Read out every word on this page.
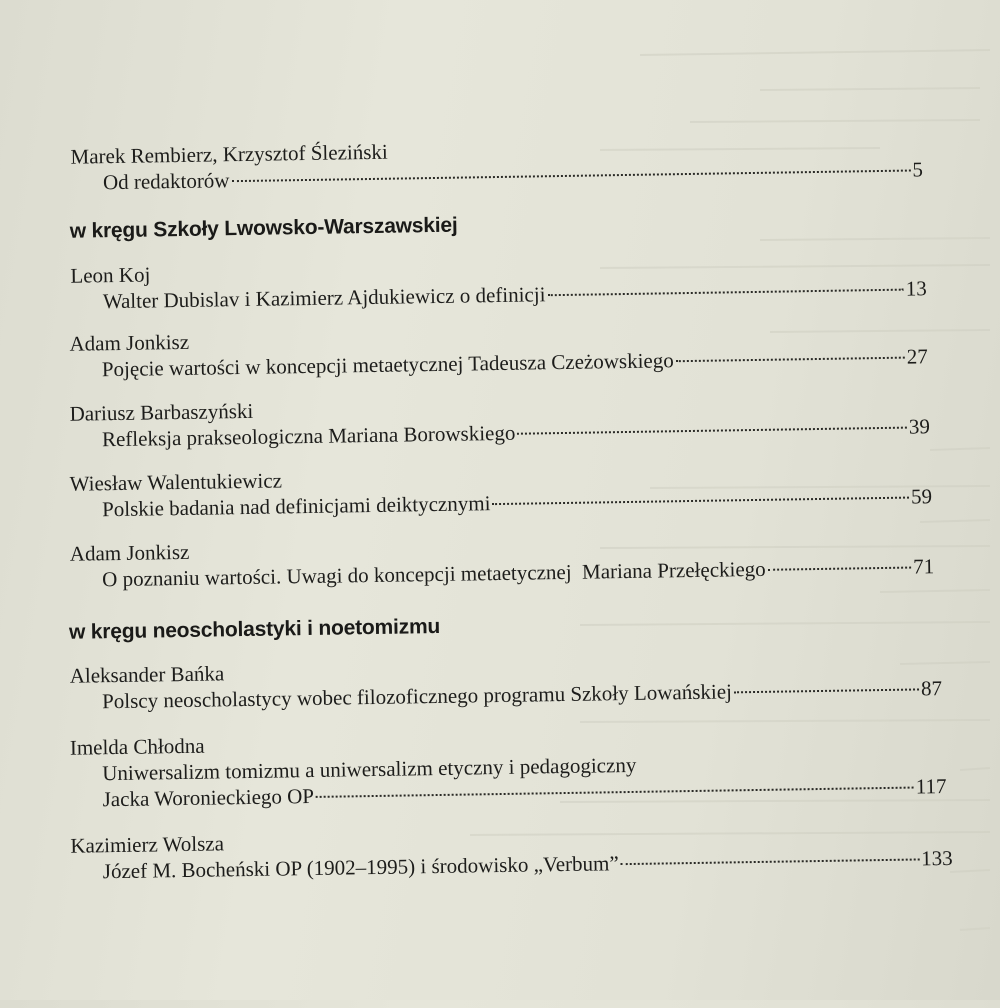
Marek Rembierz, Krzysztof Śleziński
Od redaktorów	5
w kręgu Szkoły Lwowsko-Warszawskiej
Leon Koj
Walter Dubislav i Kazimierz Ajdukiewicz o definicji	13
Adam Jonkisz
Pojęcie wartości w koncepcji metaetycznej Tadeusza Czeżowskiego	27
Dariusz Barbaszyński
Refleksja prakseologiczna Mariana Borowskiego	39
Wiesław Walentukiewicz
Polskie badania nad definicjami deiktycznymi	59
Adam Jonkisz
O poznaniu wartości. Uwagi do koncepcji metaetycznej  Mariana Przełęckiego	71
w kręgu neoscholastyki i noetomizmu
Aleksander Bańka
Polscy neoscholastycy wobec filozoficznego programu Szkoły Lowańskiej	87
Imelda Chłodna
Uniwersalizm tomizmu a uniwersalizm etyczny i pedagogiczny
Jacka Woronieckiego OP	117
Kazimierz Wolsza
Józef M. Bocheński OP (1902–1995) i środowisko „Verbum”	133
